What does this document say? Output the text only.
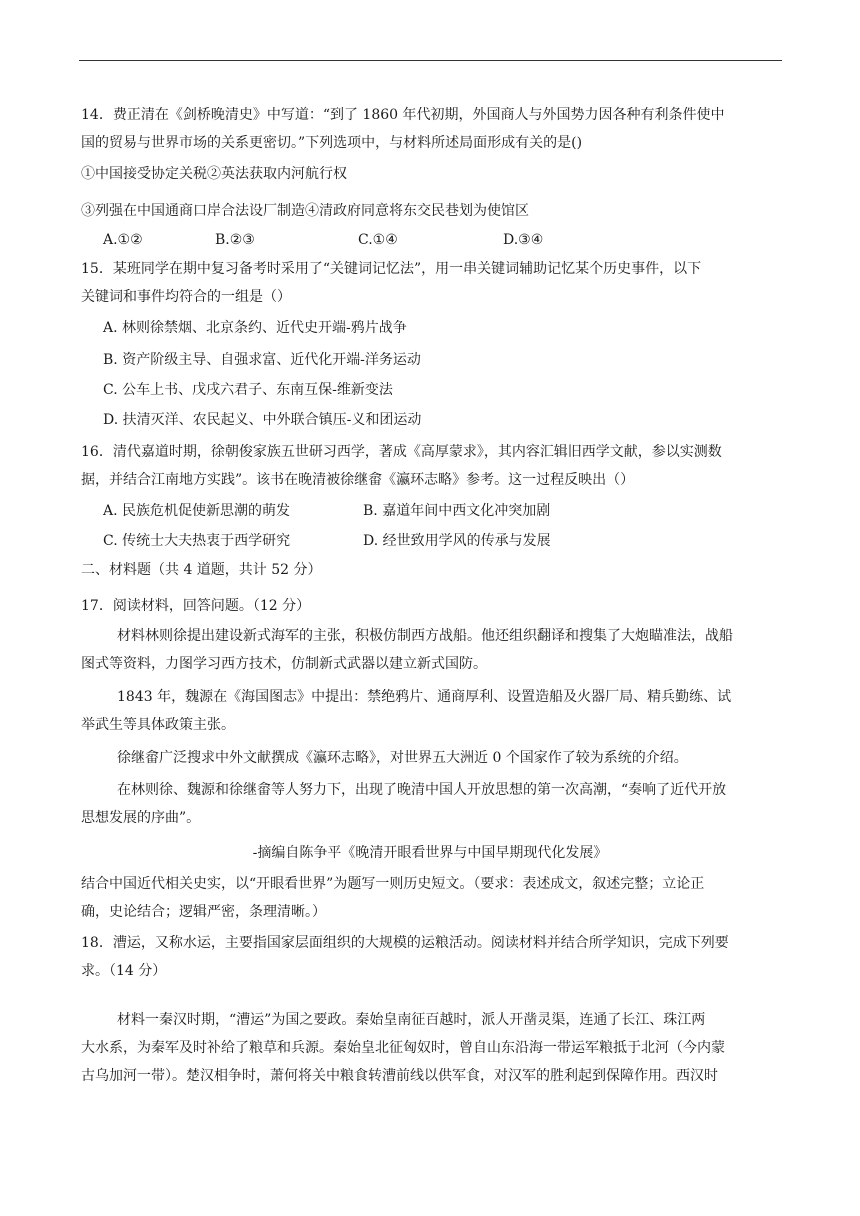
14．费正清在《剑桥晚清史》中写道：“到了 1860 年代初期，外国商人与外国势力因各种有利条件使中
国的贸易与世界市场的关系更密切。”下列选项中，与材料所述局面形成有关的是()
①中国接受协定关税②英法获取内河航行权
③列强在中国通商口岸合法设厂制造④清政府同意将东交民巷划为使馆区
A.①②	B.②③	C.①④	D.③④
15．某班同学在期中复习备考时采用了“关键词记忆法”，用一串关键词辅助记忆某个历史事件，以下
关键词和事件均符合的一组是（）
A. 林则徐禁烟、北京条约、近代史开端-鸦片战争
B. 资产阶级主导、自强求富、近代化开端-洋务运动
C. 公车上书、戊戌六君子、东南互保-维新变法
D. 扶清灭洋、农民起义、中外联合镇压-义和团运动
16．清代嘉道时期，徐朝俊家族五世研习西学，著成《高厚蒙求》，其内容汇辑旧西学文献，参以实测数
据，并结合江南地方实践”。该书在晚清被徐继畲《瀛环志略》参考。这一过程反映出（）
A. 民族危机促使新思潮的萌发	B. 嘉道年间中西文化冲突加剧
C. 传统士大夫热衷于西学研究	D. 经世致用学风的传承与发展
二、材料题（共 4 道题，共计 52 分）
17．阅读材料，回答问题。（12 分）
材料林则徐提出建设新式海军的主张，积极仿制西方战船。他还组织翻译和搜集了大炮瞄准法，战船
图式等资料，力图学习西方技术，仿制新式武器以建立新式国防。
1843 年，魏源在《海国图志》中提出：禁绝鸦片、通商厚利、设置造船及火器厂局、精兵勤练、试
举武生等具体政策主张。
徐继畲广泛搜求中外文献撰成《瀛环志略》，对世界五大洲近 0 个国家作了较为系统的介绍。
在林则徐、魏源和徐继畲等人努力下，出现了晚清中国人开放思想的第一次高潮，“奏响了近代开放
思想发展的序曲”。
-摘编自陈争平《晚清开眼看世界与中国早期现代化发展》
结合中国近代相关史实，以“开眼看世界”为题写一则历史短文。（要求：表述成文，叙述完整；立论正
确，史论结合；逻辑严密，条理清晰。）
18．漕运，又称水运，主要指国家层面组织的大规模的运粮活动。阅读材料并结合所学知识，完成下列要
求。（14 分）
材料一秦汉时期，“漕运”为国之要政。秦始皇南征百越时，派人开凿灵渠，连通了长江、珠江两
大水系，为秦军及时补给了粮草和兵源。秦始皇北征匈奴时，曾自山东沿海一带运军粮抵于北河（今内蒙
古乌加河一带）。楚汉相争时，萧何将关中粮食转漕前线以供军食，对汉军的胜利起到保障作用。西汉时
